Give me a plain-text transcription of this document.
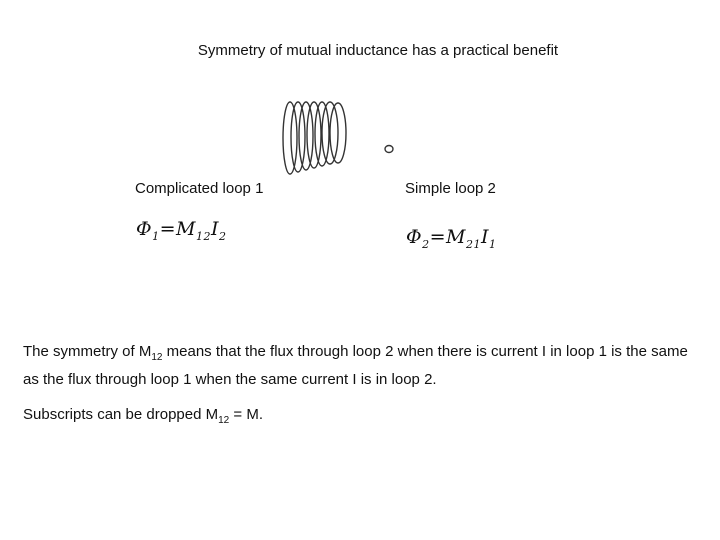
Symmetry of mutual inductance has a practical benefit
Complicated loop 1	Simple loop 2
$\Phi_1=M_{12}I_2$	$\Phi_2=M_{21}I_1$
The symmetry of $M_{12}$ means that the flux through loop 2 when there is current I in loop 1 is the same as the flux through loop 1 when the same current I is in loop 2.
Subscripts can be dropped $M_{12} = M$.
